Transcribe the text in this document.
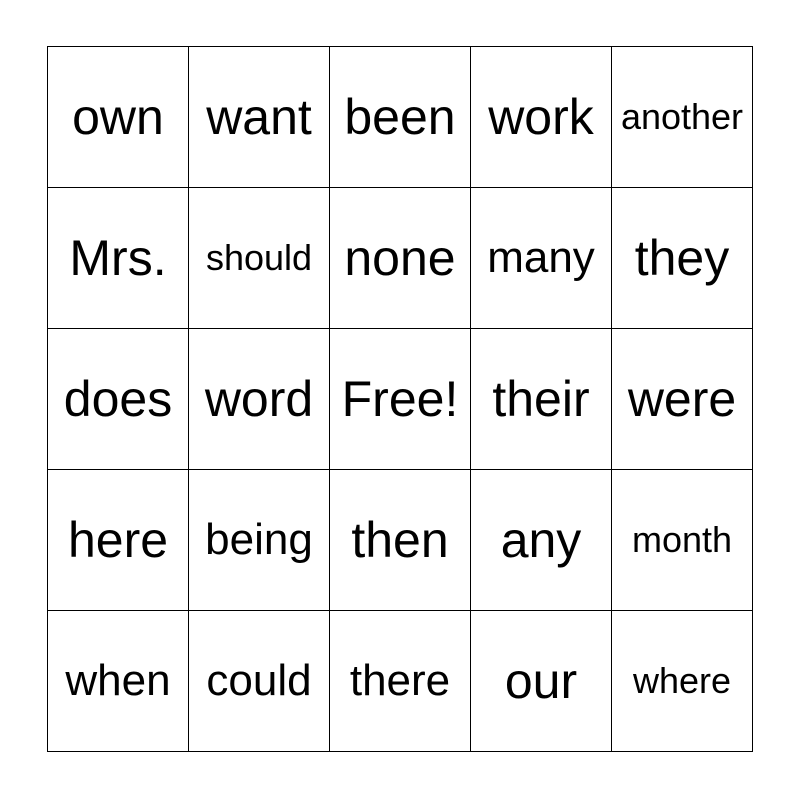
own want been work another
Mrs.	should none many they
does word Free! their were
here being then	any	month
when could there	our	where
